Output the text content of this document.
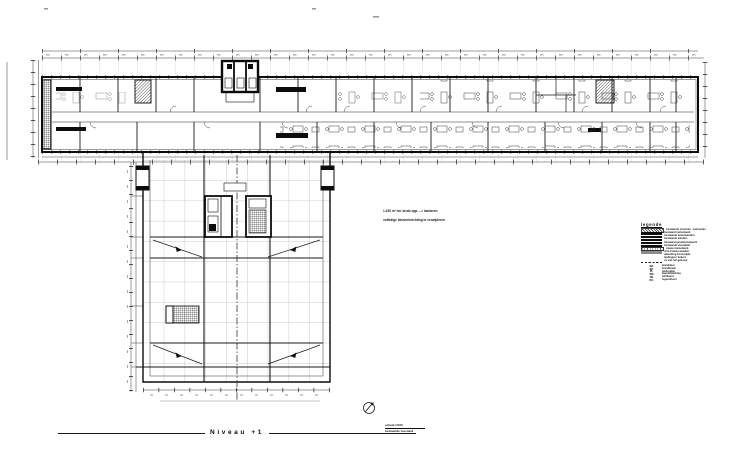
1.230 m² tot. bruto opp. --> kantoren
volledige binneninrichting te verwijderen
legende
bestaande structuur - behouden
bestaand metselwerk
bestaande betonwanden
bestaande wanden
bestaand gevelmetselwerk
bestaande vloerplaat
nieuw metselwerk
af te breken wanden
afwerking bovenzijde
leidingen / kokers
as van het gebouw
BD	branddeur
BK	brandkraan
PL	plafondlijn
WD	wandafwerking
PB	plintband
RG	regenafvoer
Niveau +1
schaal 1/100
bestaande toestand
